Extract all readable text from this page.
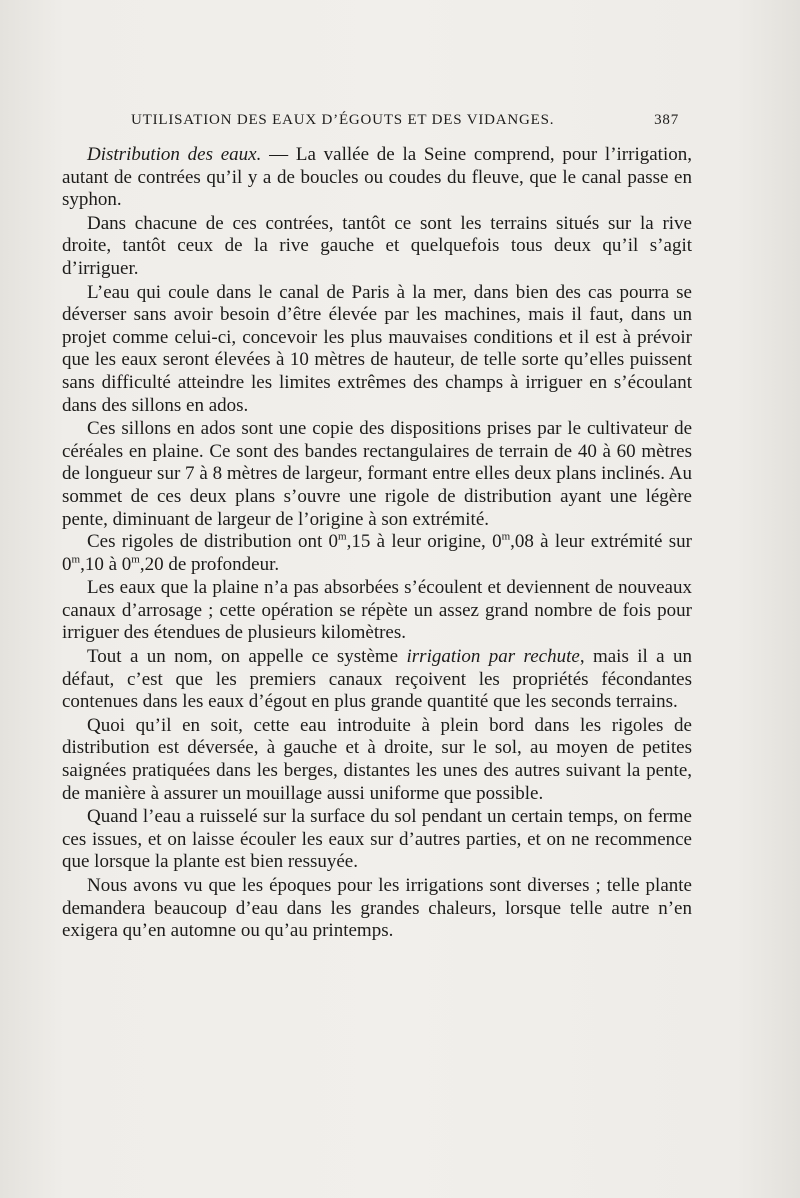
UTILISATION DES EAUX D’ÉGOUTS ET DES VIDANGES.	387

Distribution des eaux. — La vallée de la Seine comprend, pour l’irrigation, autant de contrées qu’il y a de boucles ou coudes du fleuve, que le canal passe en syphon.

Dans chacune de ces contrées, tantôt ce sont les terrains situés sur la rive droite, tantôt ceux de la rive gauche et quelquefois tous deux qu’il s’agit d’irriguer.

L’eau qui coule dans le canal de Paris à la mer, dans bien des cas pourra se déverser sans avoir besoin d’être élevée par les machines, mais il faut, dans un projet comme celui-ci, concevoir les plus mauvaises conditions et il est à prévoir que les eaux seront élevées à 10 mètres de hauteur, de telle sorte qu’elles puissent sans difficulté atteindre les limites extrêmes des champs à irriguer en s’écoulant dans des sillons en ados.

Ces sillons en ados sont une copie des dispositions prises par le cultivateur de céréales en plaine. Ce sont des bandes rectangulaires de terrain de 40 à 60 mètres de longueur sur 7 à 8 mètres de largeur, formant entre elles deux plans inclinés. Au sommet de ces deux plans s’ouvre une rigole de distribution ayant une légère pente, diminuant de largeur de l’origine à son extrémité.

Ces rigoles de distribution ont 0$^m$,15 à leur origine, 0$^m$,08 à leur extrémité sur 0$^m$,10 à 0$^m$,20 de profondeur.

Les eaux que la plaine n’a pas absorbées s’écoulent et deviennent de nouveaux canaux d’arrosage ; cette opération se répète un assez grand nombre de fois pour irriguer des étendues de plusieurs kilomètres.

Tout a un nom, on appelle ce système irrigation par rechute, mais il a un défaut, c’est que les premiers canaux reçoivent les propriétés fécondantes contenues dans les eaux d’égout en plus grande quantité que les seconds terrains.

Quoi qu’il en soit, cette eau introduite à plein bord dans les rigoles de distribution est déversée, à gauche et à droite, sur le sol, au moyen de petites saignées pratiquées dans les berges, distantes les unes des autres suivant la pente, de manière à assurer un mouillage aussi uniforme que possible.

Quand l’eau a ruisselé sur la surface du sol pendant un certain temps, on ferme ces issues, et on laisse écouler les eaux sur d’autres parties, et on ne recommence que lorsque la plante est bien ressuyée.

Nous avons vu que les époques pour les irrigations sont diverses ; telle plante demandera beaucoup d’eau dans les grandes chaleurs, lorsque telle autre n’en exigera qu’en automne ou qu’au printemps.
